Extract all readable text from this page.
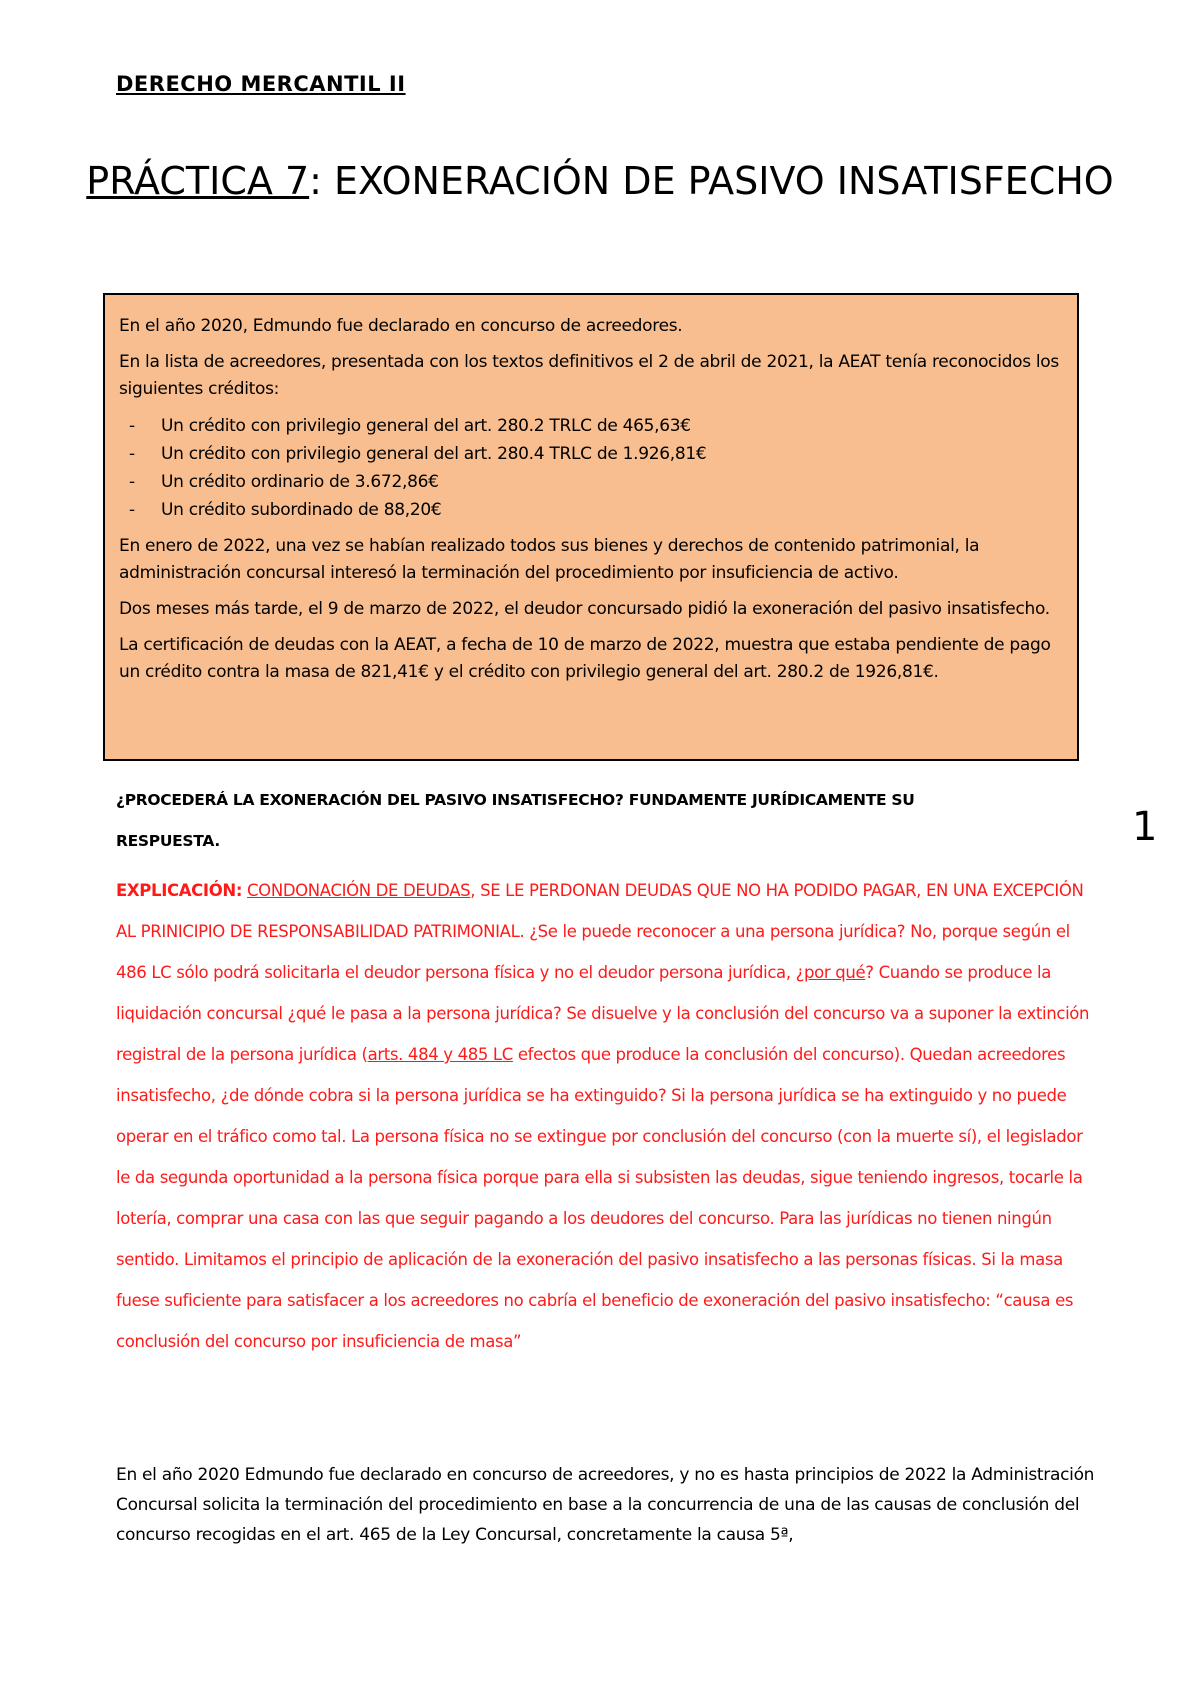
DERECHO MERCANTIL II
PRÁCTICA 7: EXONERACIÓN DE PASIVO INSATISFECHO

En el año 2020, Edmundo fue declarado en concurso de acreedores.

En la lista de acreedores, presentada con los textos definitivos el 2 de abril de 2021, la AEAT tenía reconocidos los siguientes créditos:

- Un crédito con privilegio general del art. 280.2 TRLC de 465,63€
- Un crédito con privilegio general del art. 280.4 TRLC de 1.926,81€
- Un crédito ordinario de 3.672,86€
- Un crédito subordinado de 88,20€

En enero de 2022, una vez se habían realizado todos sus bienes y derechos de contenido patrimonial, la administración concursal interesó la terminación del procedimiento por insuficiencia de activo.

Dos meses más tarde, el 9 de marzo de 2022, el deudor concursado pidió la exoneración del pasivo insatisfecho.

La certificación de deudas con la AEAT, a fecha de 10 de marzo de 2022, muestra que estaba pendiente de pago un crédito contra la masa de 821,41€ y el crédito con privilegio general del art. 280.2 de 1926,81€.

¿PROCEDERÁ LA EXONERACIÓN DEL PASIVO INSATISFECHO? FUNDAMENTE JURÍDICAMENTE SU RESPUESTA.	1
EXPLICACIÓN: CONDONACIÓN DE DEUDAS, SE LE PERDONAN DEUDAS QUE NO HA PODIDO PAGAR, EN UNA EXCEPCIÓN AL PRINICIPIO DE RESPONSABILIDAD PATRIMONIAL. ¿Se le puede reconocer a una persona jurídica? No, porque según el 486 LC sólo podrá solicitarla el deudor persona física y no el deudor persona jurídica, ¿por qué? Cuando se produce la liquidación concursal ¿qué le pasa a la persona jurídica? Se disuelve y la conclusión del concurso va a suponer la extinción registral de la persona jurídica (arts. 484 y 485 LC efectos que produce la conclusión del concurso). Quedan acreedores insatisfecho, ¿de dónde cobra si la persona jurídica se ha extinguido? Si la persona jurídica se ha extinguido y no puede operar en el tráfico como tal. La persona física no se extingue por conclusión del concurso (con la muerte sí), el legislador le da segunda oportunidad a la persona física porque para ella si subsisten las deudas, sigue teniendo ingresos, tocarle la lotería, comprar una casa con las que seguir pagando a los deudores del concurso. Para las jurídicas no tienen ningún sentido. Limitamos el principio de aplicación de la exoneración del pasivo insatisfecho a las personas físicas. Si la masa fuese suficiente para satisfacer a los acreedores no cabría el beneficio de exoneración del pasivo insatisfecho: “causa es conclusión del concurso por insuficiencia de masa”
En el año 2020 Edmundo fue declarado en concurso de acreedores, y no es hasta principios de 2022 la Administración Concursal solicita la terminación del procedimiento en base a la concurrencia de una de las causas de conclusión del concurso recogidas en el art. 465 de la Ley Concursal, concretamente la causa 5ª,
